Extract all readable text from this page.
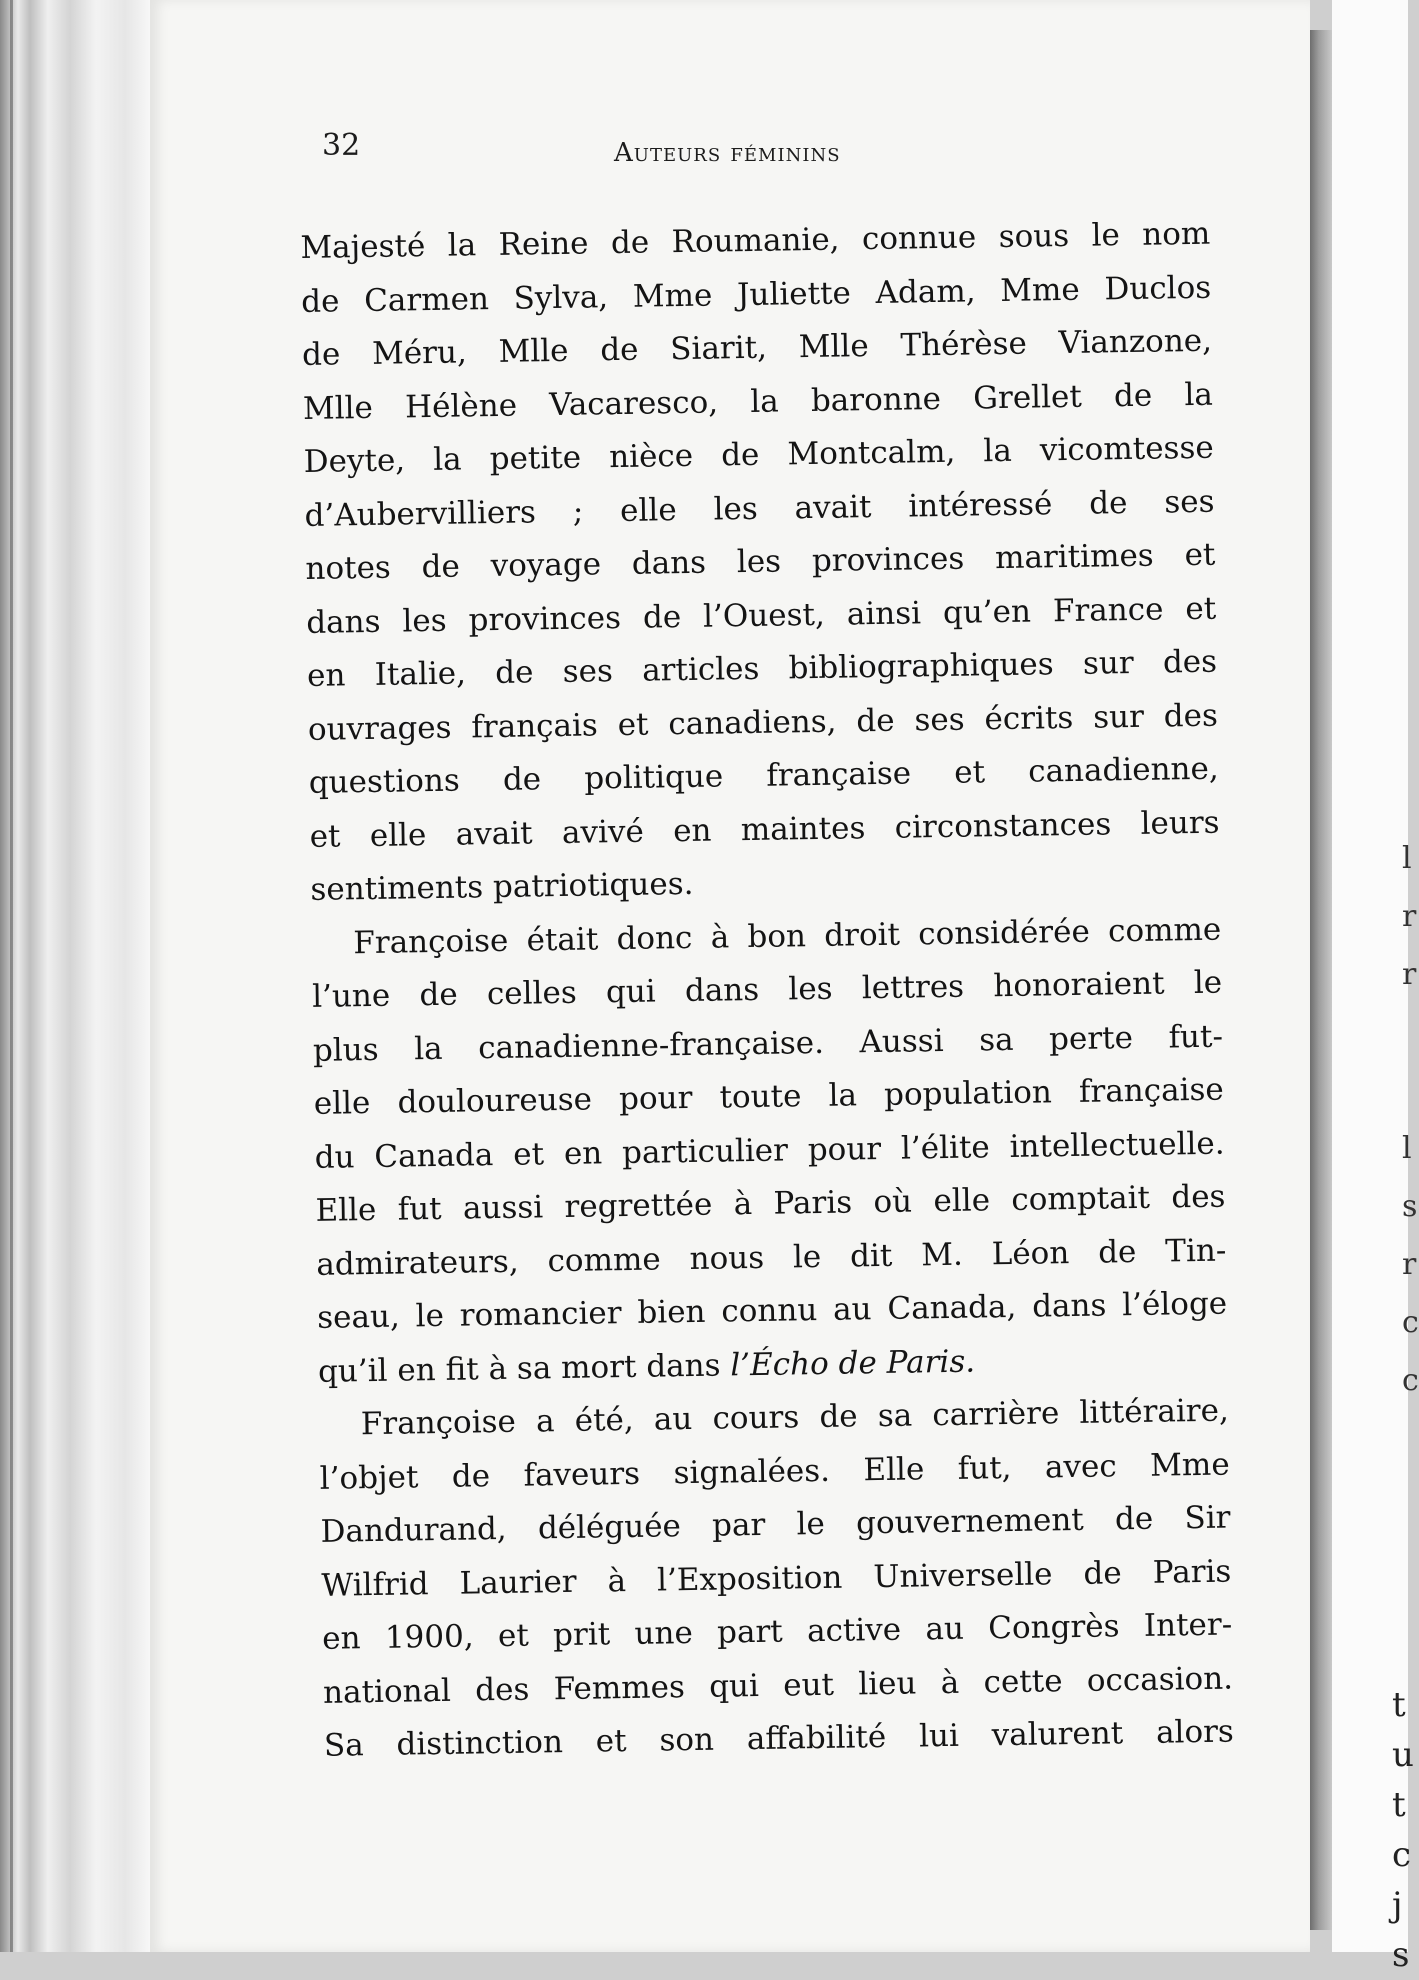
32	Auteurs féminins
Majesté la Reine de Roumanie, connue sous le nom
de Carmen Sylva, Mme Juliette Adam, Mme Duclos
de Méru, Mlle de Siarit, Mlle Thérèse Vianzone,
Mlle Hélène Vacaresco, la baronne Grellet de la
Deyte, la petite nièce de Montcalm, la vicomtesse
d’Aubervilliers ; elle les avait intéressé de ses
notes de voyage dans les provinces maritimes et
dans les provinces de l’Ouest, ainsi qu’en France et
en Italie, de ses articles bibliographiques sur des
ouvrages français et canadiens, de ses écrits sur des
questions de politique française et canadienne,
et elle avait avivé en maintes circonstances leurs
sentiments patriotiques.
Françoise était donc à bon droit considérée comme
l’une de celles qui dans les lettres honoraient le
plus la canadienne-française. Aussi sa perte fut-
elle douloureuse pour toute la population française
du Canada et en particulier pour l’élite intellectuelle.
Elle fut aussi regrettée à Paris où elle comptait des
admirateurs, comme nous le dit M. Léon de Tin-
seau, le romancier bien connu au Canada, dans l’éloge
qu’il en fit à sa mort dans l’Écho de Paris.
Françoise a été, au cours de sa carrière littéraire,
l’objet de faveurs signalées. Elle fut, avec Mme
Dandurand, déléguée par le gouvernement de Sir
Wilfrid Laurier à l’Exposition Universelle de Paris
en 1900, et prit une part active au Congrès Inter-
national des Femmes qui eut lieu à cette occasion.
Sa distinction et son affabilité lui valurent alors
l
r
r

l
s
r
c
c
t
u
t
c
j
s
